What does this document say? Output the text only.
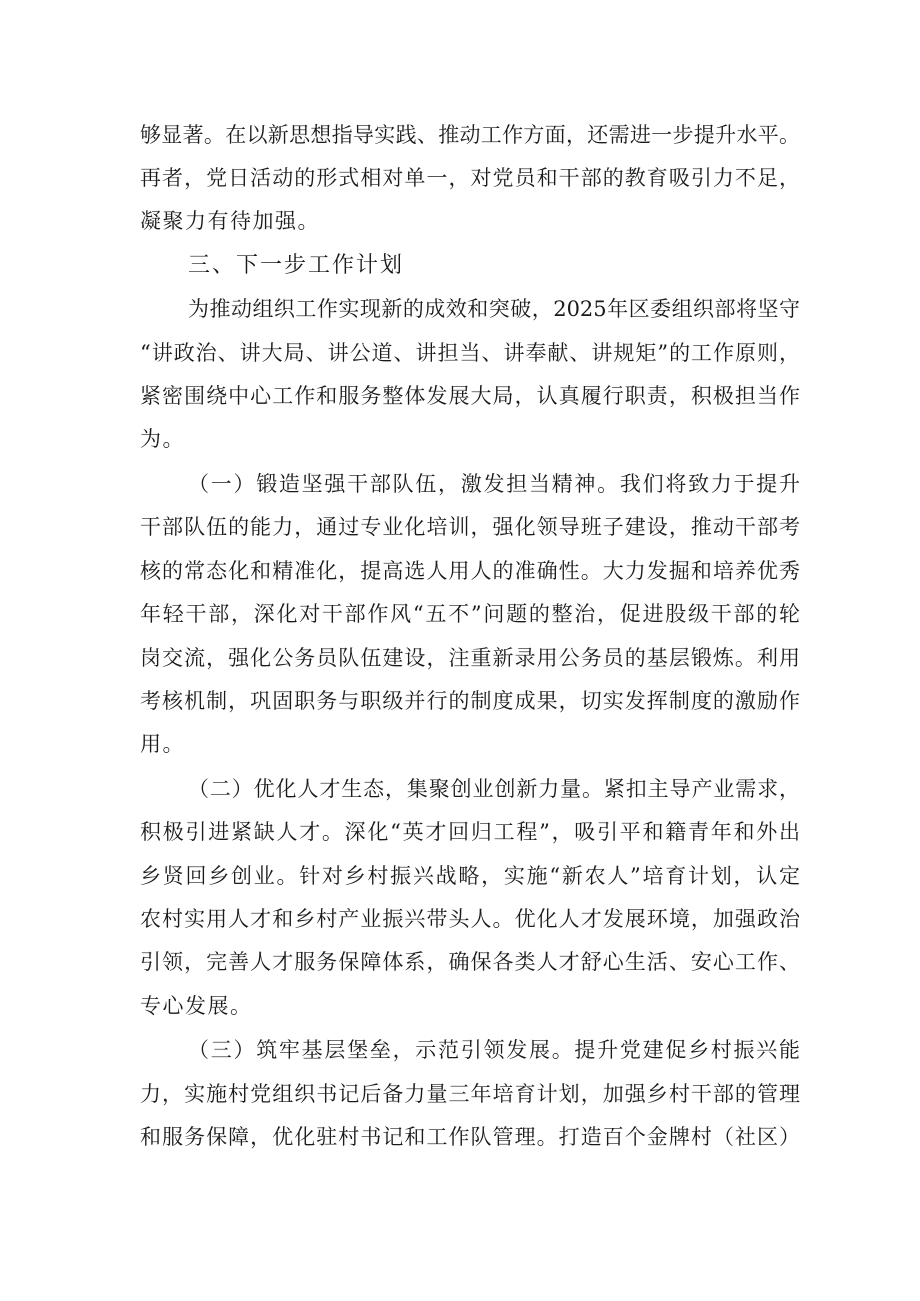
够显著。在以新思想指导实践、推动工作方面，还需进一步提升水平。
再者，党日活动的形式相对单一，对党员和干部的教育吸引力不足，
凝聚力有待加强。
三、下一步工作计划
为推动组织工作实现新的成效和突破，2025年区委组织部将坚守
“讲政治、讲大局、讲公道、讲担当、讲奉献、讲规矩”的工作原则，
紧密围绕中心工作和服务整体发展大局，认真履行职责，积极担当作
为。
（一）锻造坚强干部队伍，激发担当精神。我们将致力于提升
干部队伍的能力，通过专业化培训，强化领导班子建设，推动干部考
核的常态化和精准化，提高选人用人的准确性。大力发掘和培养优秀
年轻干部，深化对干部作风“五不”问题的整治，促进股级干部的轮
岗交流，强化公务员队伍建设，注重新录用公务员的基层锻炼。利用
考核机制，巩固职务与职级并行的制度成果，切实发挥制度的激励作
用。
（二）优化人才生态，集聚创业创新力量。紧扣主导产业需求，
积极引进紧缺人才。深化“英才回归工程”，吸引平和籍青年和外出
乡贤回乡创业。针对乡村振兴战略，实施“新农人”培育计划，认定
农村实用人才和乡村产业振兴带头人。优化人才发展环境，加强政治
引领，完善人才服务保障体系，确保各类人才舒心生活、安心工作、
专心发展。
（三）筑牢基层堡垒，示范引领发展。提升党建促乡村振兴能
力，实施村党组织书记后备力量三年培育计划，加强乡村干部的管理
和服务保障，优化驻村书记和工作队管理。打造百个金牌村（社区）
